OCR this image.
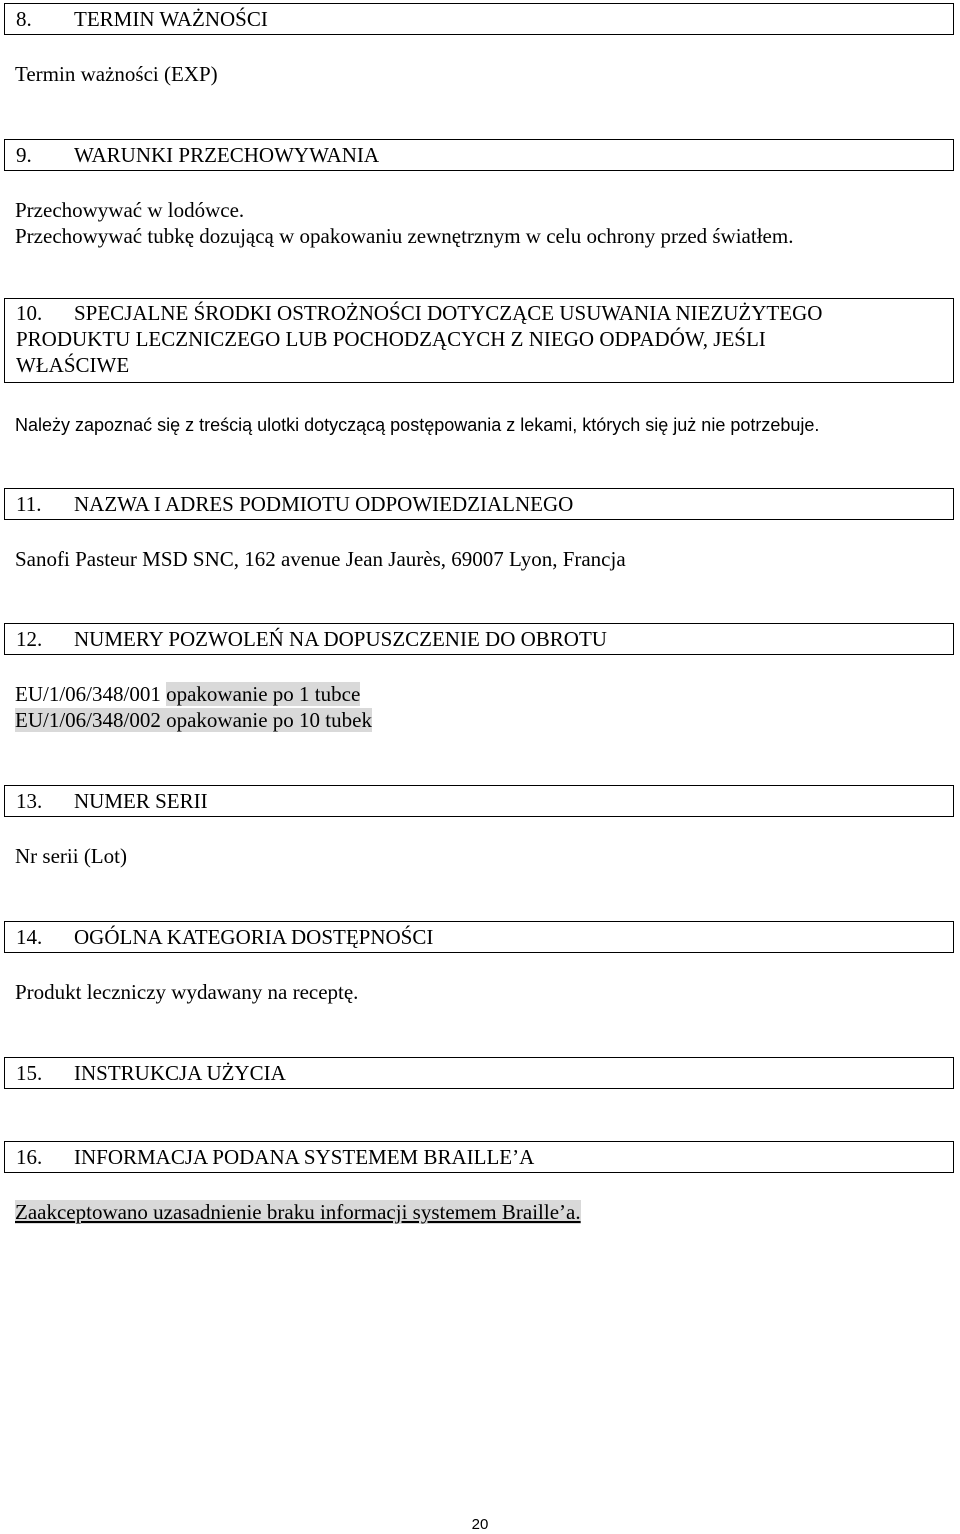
8. TERMIN WAŻNOŚCI
Termin ważności (EXP)
9. WARUNKI PRZECHOWYWANIA
Przechowywać w lodówce.
Przechowywać tubkę dozującą w opakowaniu zewnętrznym w celu ochrony przed światłem.
10. SPECJALNE ŚRODKI OSTROŻNOŚCI DOTYCZĄCE USUWANIA NIEZUŻYTEGO
PRODUKTU LECZNICZEGO LUB POCHODZĄCYCH Z NIEGO ODPADÓW, JEŚLI
WŁAŚCIWE
Należy zapoznać się z treścią ulotki dotyczącą postępowania z lekami, których się już nie potrzebuje.
11. NAZWA I ADRES PODMIOTU ODPOWIEDZIALNEGO
Sanofi Pasteur MSD SNC, 162 avenue Jean Jaurès, 69007 Lyon, Francja
12. NUMERY POZWOLEŃ NA DOPUSZCZENIE DO OBROTU
EU/1/06/348/001 opakowanie po 1 tubce
EU/1/06/348/002 opakowanie po 10 tubek
13. NUMER SERII
Nr serii (Lot)
14. OGÓLNA KATEGORIA DOSTĘPNOŚCI
Produkt leczniczy wydawany na receptę.
15. INSTRUKCJA UŻYCIA
16. INFORMACJA PODANA SYSTEMEM BRAILLE’A
Zaakceptowano uzasadnienie braku informacji systemem Braille’a.
20
